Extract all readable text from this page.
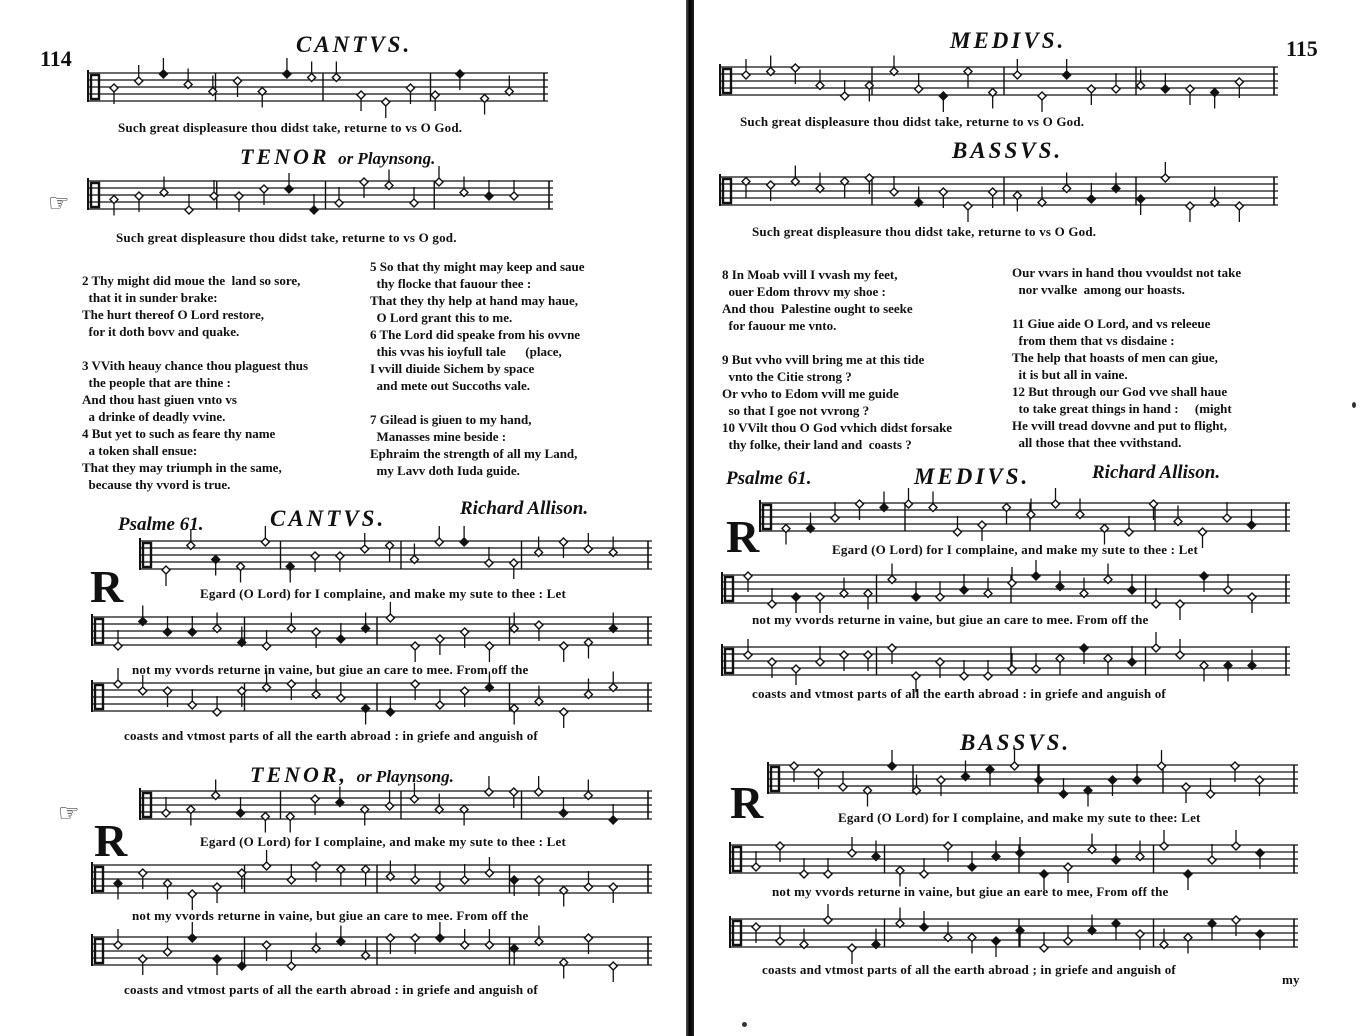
114
CANTVS.
Such great displeasure thou didst take, returne to vs O God.
TENOR or Playnsong.
☞
Such great displeasure thou didst take, returne to vs O god.
2 Thy might did moue the  land so sore,
that it in sunder brake:
The hurt thereof O Lord restore,
for it doth bovv and quake.

3 VVith heauy chance thou plaguest thus
the people that are thine :
And thou hast giuen vnto vs
a drinke of deadly vvine.
4 But yet to such as feare thy name
a token shall ensue:
That they may triumph in the same,
because thy vvord is true.
5 So that thy might may keep and saue
thy flocke that fauour thee :
That they thy help at hand may haue,
O Lord grant this to me.
6 The Lord did speake from his ovvne
this vvas his ioyfull tale      (place,
I vvill diuide Sichem by space
and mete out Succoths vale.

7 Gilead is giuen to my hand,
Manasses mine beside :
Ephraim the strength of all my Land,
my Lavv doth Iuda guide.
Psalme 61.	CANTVS.	Richard Allison.
R	Egard (O Lord) for I complaine, and make my sute to thee : Let
not my vvords returne in vaine, but giue an care to mee. From off the
coasts and vtmost parts of all the earth abroad : in griefe and anguish of
TENOR, or Playnsong.
☞
R	Egard (O Lord) for I complaine, and make my sute to thee : Let
not my vvords returne in vaine, but giue an care to mee. From off the
coasts and vtmost parts of all the earth abroad : in griefe and anguish of
115
MEDIVS.
Such great displeasure thou didst take, returne to vs O God.
BASSVS.
Such great displeasure thou didst take, returne to vs O God.
8 In Moab vvill I vvash my feet,
ouer Edom throvv my shoe :
And thou  Palestine ought to seeke
for fauour me vnto.

9 But vvho vvill bring me at this tide
vnto the Citie strong ?
Or vvho to Edom vvill me guide
so that I goe not vvrong ?
10 VVilt thou O God vvhich didst forsake
thy folke, their land and  coasts ?
Our vvars in hand thou vvouldst not take
nor vvalke  among our hoasts.

11 Giue aide O Lord, and vs releeue
from them that vs disdaine :
The help that hoasts of men can giue,
it is but all in vaine.
12 But through our God vve shall haue
to take great things in hand :     (might
He vvill tread dovvne and put to flight,
all those that thee vvithstand.
Psalme 61.	MEDIVS.	Richard Allison.
R	Egard (O Lord) for I complaine, and make my sute to thee : Let
not my vvords returne in vaine, but giue an care to mee. From off the
coasts and vtmost parts of all the earth abroad : in griefe and anguish of
BASSVS.
R	Egard (O Lord) for I complaine, and make my sute to thee: Let
not my vvords returne in vaine, but giue an eare to mee, From off the
coasts and vtmost parts of all the earth abroad ; in griefe and anguish of
my
